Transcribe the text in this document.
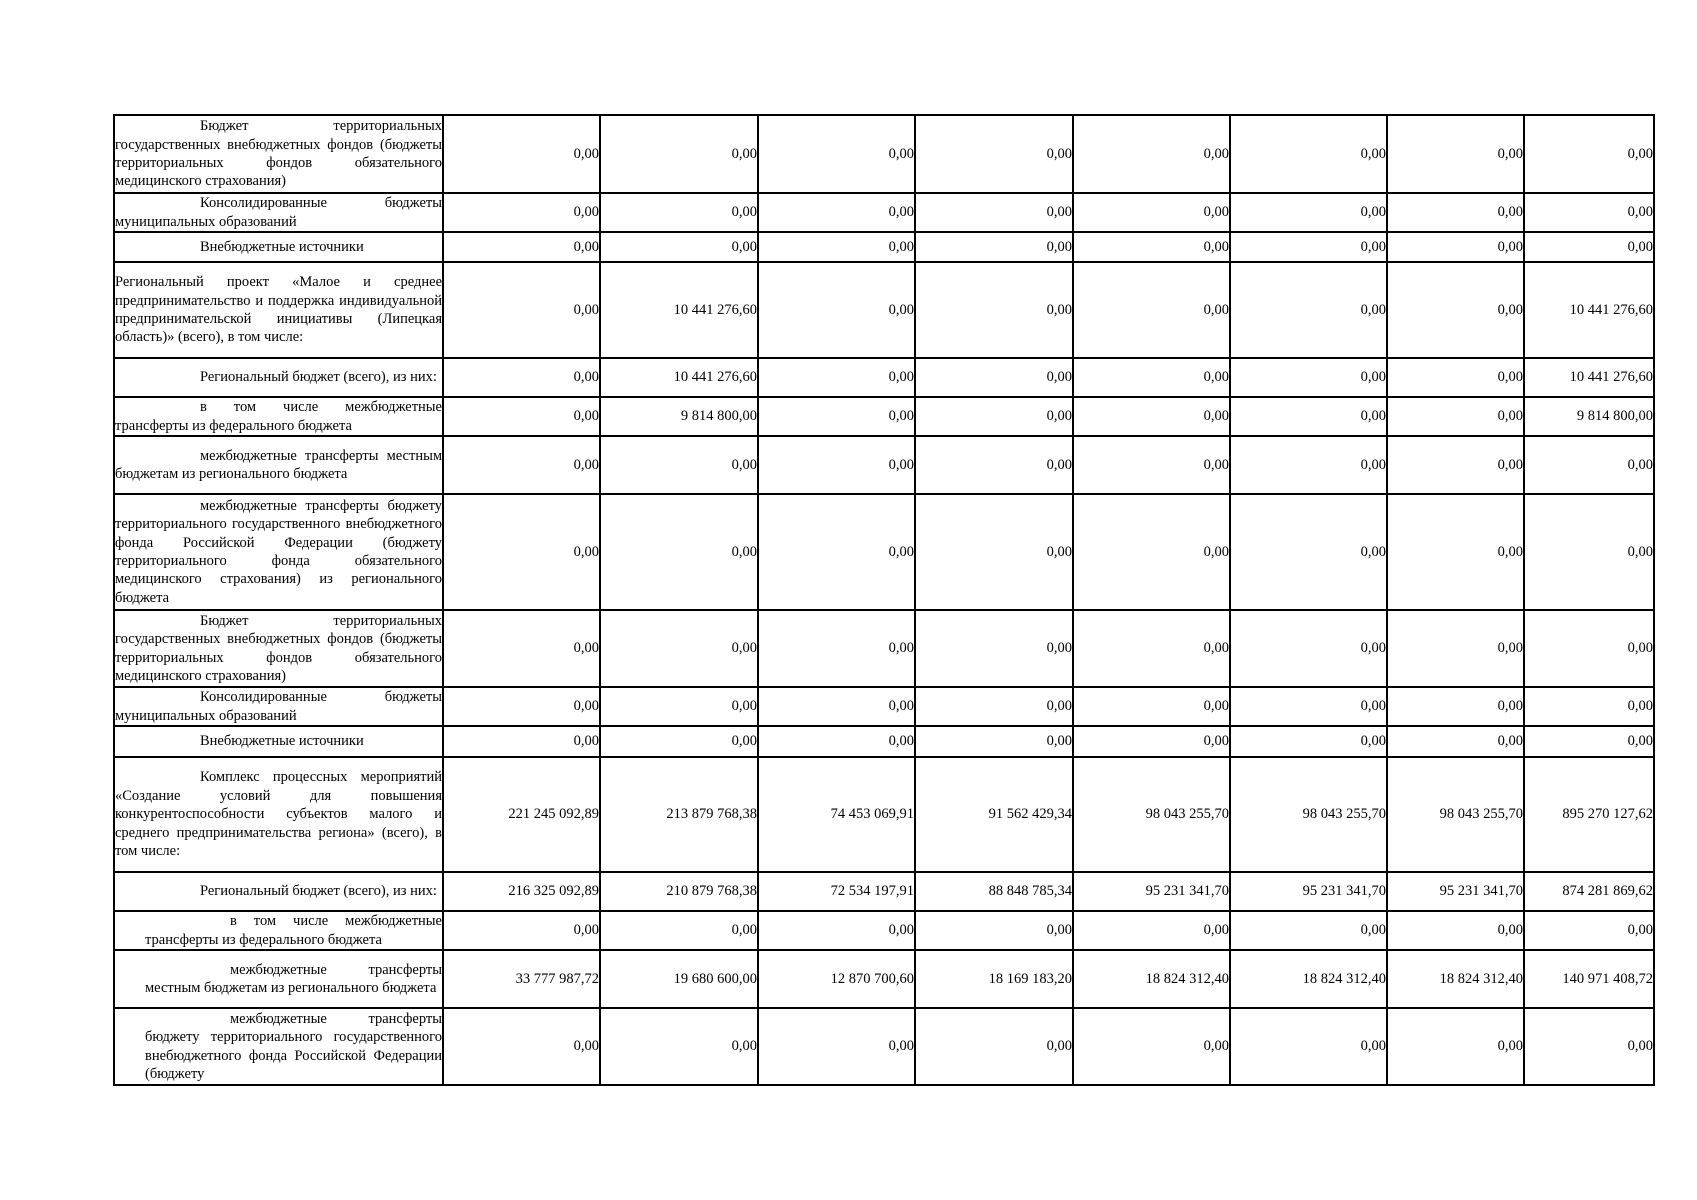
Бюджет территориальных государственных внебюджетных фондов (бюджеты территориальных фондов обязательного медицинского страхования)	0,00	0,00	0,00	0,00	0,00	0,00	0,00	0,00
Консолидированные бюджеты муниципальных образований	0,00	0,00	0,00	0,00	0,00	0,00	0,00	0,00
Внебюджетные источники	0,00	0,00	0,00	0,00	0,00	0,00	0,00	0,00
Региональный проект «Малое и среднее предпринимательство и поддержка индивидуальной предпринимательской инициативы (Липецкая область)» (всего), в том числе:	0,00	10 441 276,60	0,00	0,00	0,00	0,00	0,00	10 441 276,60
Региональный бюджет (всего), из них:	0,00	10 441 276,60	0,00	0,00	0,00	0,00	0,00	10 441 276,60
в том числе межбюджетные трансферты из федерального бюджета	0,00	9 814 800,00	0,00	0,00	0,00	0,00	0,00	9 814 800,00
межбюджетные трансферты местным бюджетам из регионального бюджета	0,00	0,00	0,00	0,00	0,00	0,00	0,00	0,00
межбюджетные трансферты бюджету территориального государственного внебюджетного фонда Российской Федерации (бюджету территориального фонда обязательного медицинского страхования) из регионального бюджета	0,00	0,00	0,00	0,00	0,00	0,00	0,00	0,00
Бюджет территориальных государственных внебюджетных фондов (бюджеты территориальных фондов обязательного медицинского страхования)	0,00	0,00	0,00	0,00	0,00	0,00	0,00	0,00
Консолидированные бюджеты муниципальных образований	0,00	0,00	0,00	0,00	0,00	0,00	0,00	0,00
Внебюджетные источники	0,00	0,00	0,00	0,00	0,00	0,00	0,00	0,00
Комплекс процессных мероприятий «Создание условий для повышения конкурентоспособности субъектов малого и среднего предпринимательства региона» (всего), в том числе:	221 245 092,89	213 879 768,38	74 453 069,91	91 562 429,34	98 043 255,70	98 043 255,70	98 043 255,70	895 270 127,62
Региональный бюджет (всего), из них:	216 325 092,89	210 879 768,38	72 534 197,91	88 848 785,34	95 231 341,70	95 231 341,70	95 231 341,70	874 281 869,62
в том числе межбюджетные трансферты из федерального бюджета	0,00	0,00	0,00	0,00	0,00	0,00	0,00	0,00
межбюджетные трансферты местным бюджетам из регионального бюджета	33 777 987,72	19 680 600,00	12 870 700,60	18 169 183,20	18 824 312,40	18 824 312,40	18 824 312,40	140 971 408,72
межбюджетные трансферты бюджету территориального государственного внебюджетного фонда Российской Федерации (бюджету	0,00	0,00	0,00	0,00	0,00	0,00	0,00	0,00
